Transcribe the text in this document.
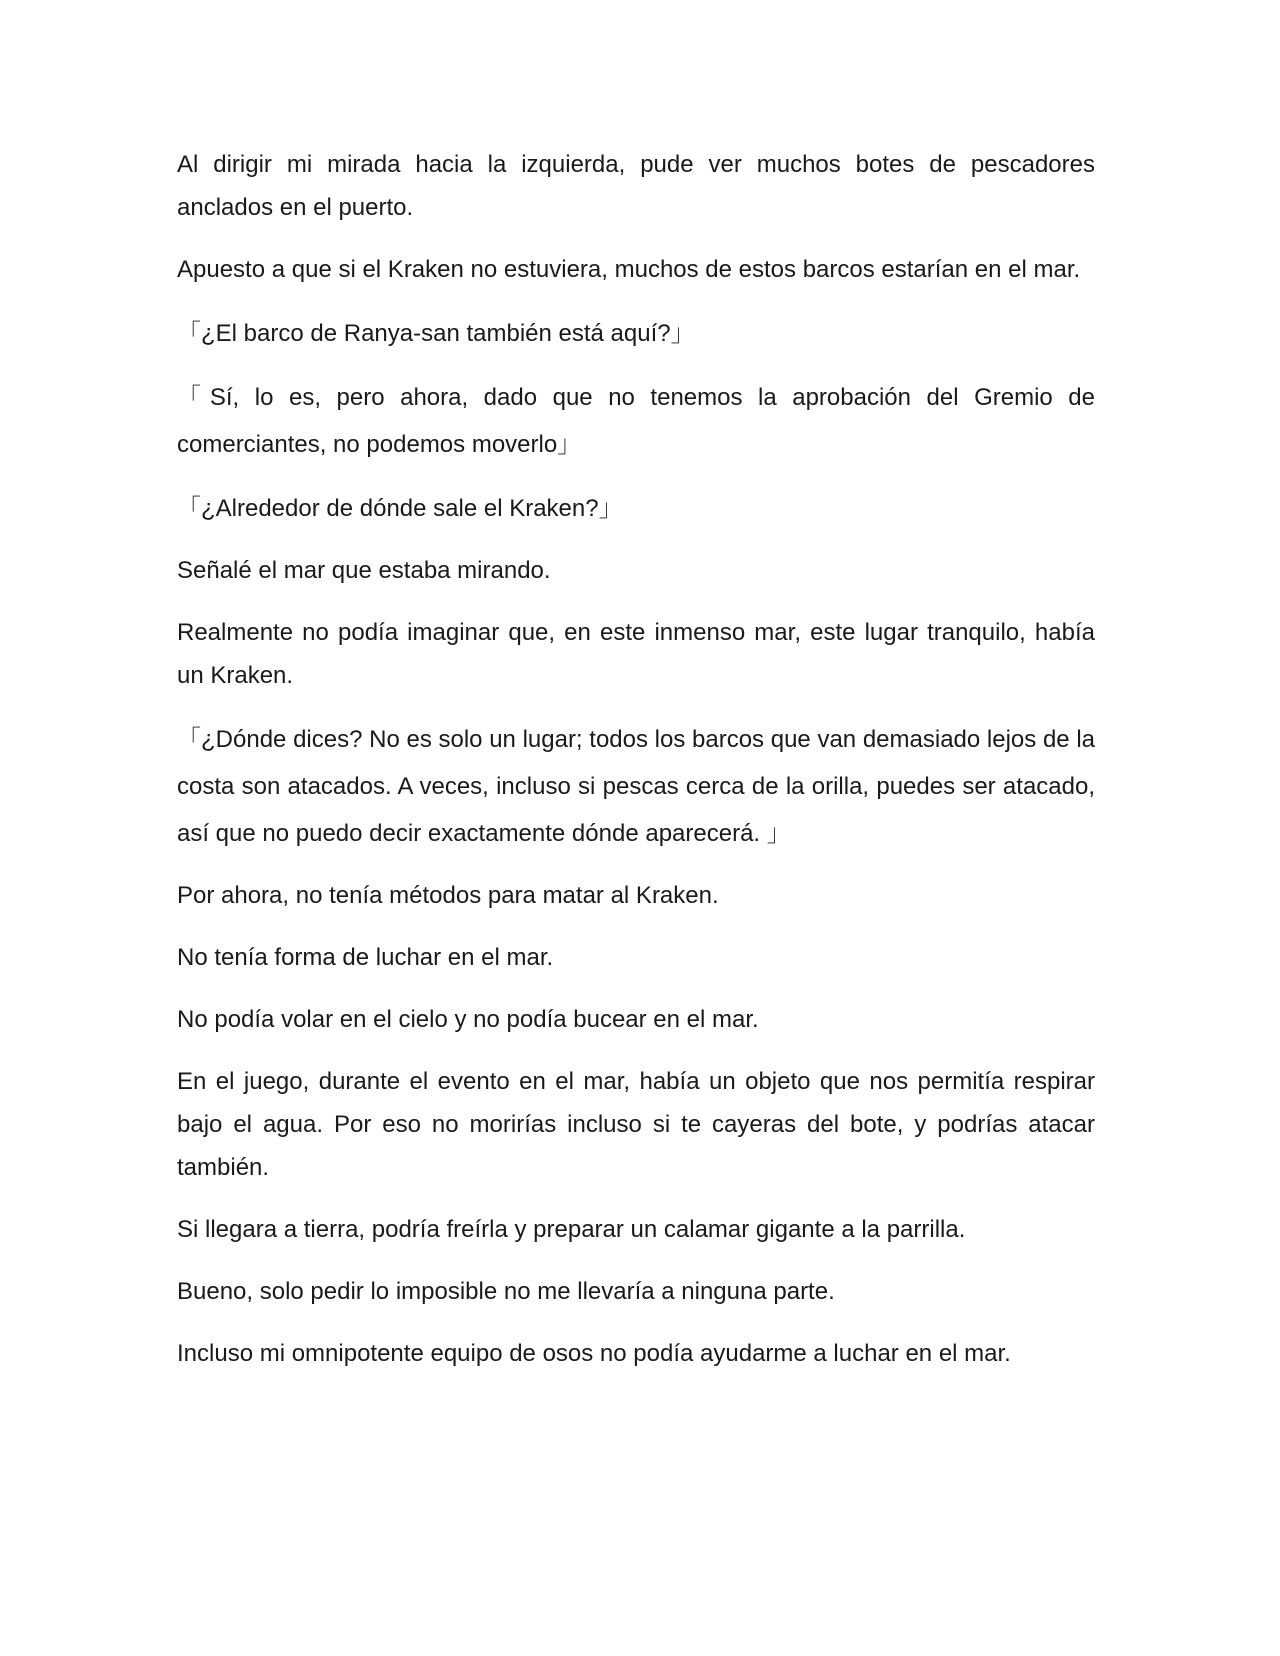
Al dirigir mi mirada hacia la izquierda, pude ver muchos botes de pescadores anclados en el puerto.

Apuesto a que si el Kraken no estuviera, muchos de estos barcos estarían en el mar.

「¿El barco de Ranya-san también está aquí?」

「Sí, lo es, pero ahora, dado que no tenemos la aprobación del Gremio de comerciantes, no podemos moverlo」

「¿Alrededor de dónde sale el Kraken?」

Señalé el mar que estaba mirando.

Realmente no podía imaginar que, en este inmenso mar, este lugar tranquilo, había un Kraken.

「¿Dónde dices? No es solo un lugar; todos los barcos que van demasiado lejos de la costa son atacados. A veces, incluso si pescas cerca de la orilla, puedes ser atacado, así que no puedo decir exactamente dónde aparecerá. 」

Por ahora, no tenía métodos para matar al Kraken.

No tenía forma de luchar en el mar.

No podía volar en el cielo y no podía bucear en el mar.

En el juego, durante el evento en el mar, había un objeto que nos permitía respirar bajo el agua. Por eso no morirías incluso si te cayeras del bote, y podrías atacar también.

Si llegara a tierra, podría freírla y preparar un calamar gigante a la parrilla.

Bueno, solo pedir lo imposible no me llevaría a ninguna parte.

Incluso mi omnipotente equipo de osos no podía ayudarme a luchar en el mar.
